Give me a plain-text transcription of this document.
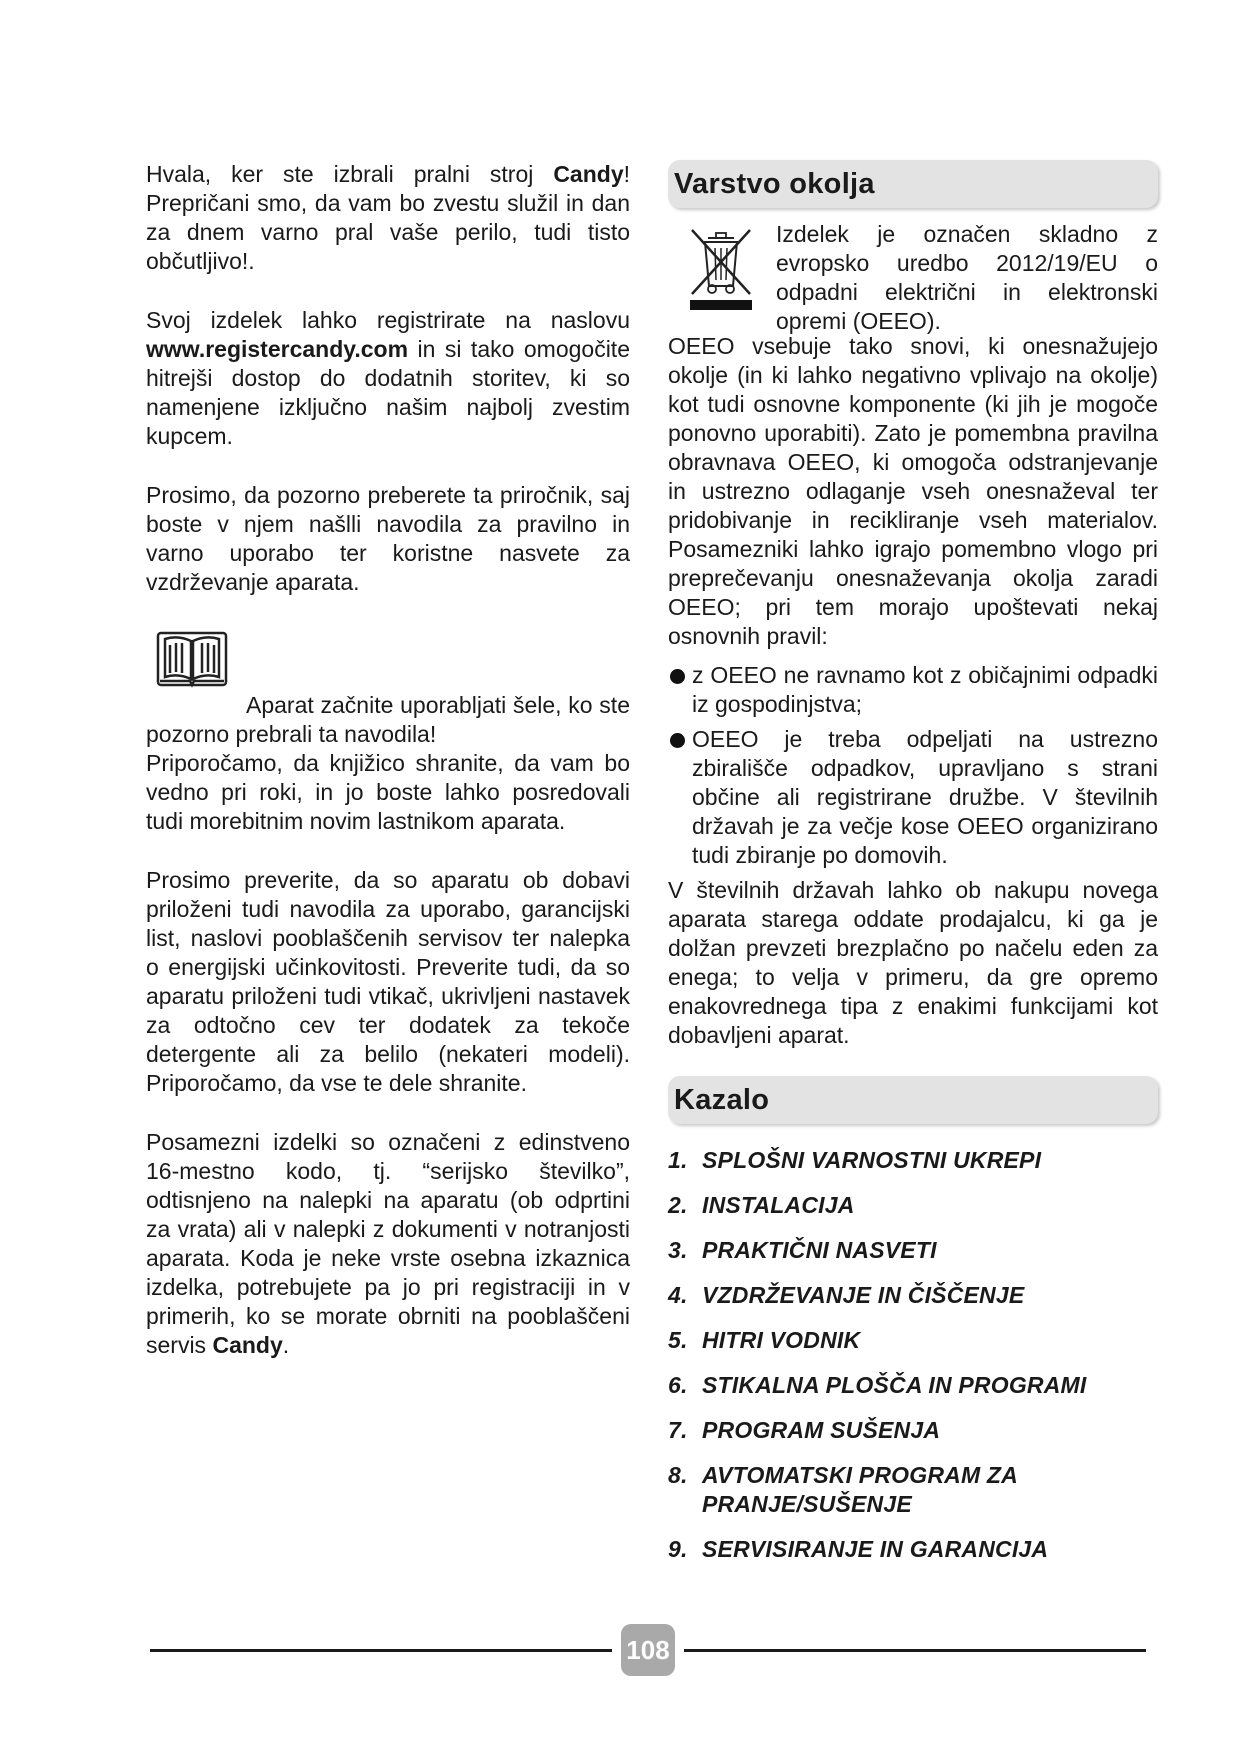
Hvala, ker ste izbrali pralni stroj Candy! Prepričani smo, da vam bo zvestu služil in dan za dnem varno pral vaše perilo, tudi tisto občutljivo!.

Svoj izdelek lahko registrirate na naslovu www.registercandy.com in si tako omogočite hitrejši dostop do dodatnih storitev, ki so namenjene izključno našim najbolj zvestim kupcem.

Prosimo, da pozorno preberete ta priročnik, saj boste v njem našlli navodila za pravilno in varno uporabo ter koristne nasvete za vzdrževanje aparata.

Aparat začnite uporabljati šele, ko ste pozorno prebrali ta navodila!

Priporočamo, da knjižico shranite, da vam bo vedno pri roki, in jo boste lahko posredovali tudi morebitnim novim lastnikom aparata.

Prosimo preverite, da so aparatu ob dobavi priloženi tudi navodila za uporabo, garancijski list, naslovi pooblaščenih servisov ter nalepka o energijski učinkovitosti. Preverite tudi, da so aparatu priloženi tudi vtikač, ukrivljeni nastavek za odtočno cev ter dodatek za tekoče detergente ali za belilo (nekateri modeli). Priporočamo, da vse te dele shranite.

Posamezni izdelki so označeni z edinstveno 16-mestno kodo, tj. “serijsko številko”, odtisnjeno na nalepki na aparatu (ob odprtini za vrata) ali v nalepki z dokumenti v notranjosti aparata. Koda je neke vrste osebna izkaznica izdelka, potrebujete pa jo pri registraciji in v primerih, ko se morate obrniti na pooblaščeni servis Candy.

Varstvo okolja

Izdelek je označen skladno z evropsko uredbo 2012/19/EU o odpadni električni in elektronski opremi (OEEO).

OEEO vsebuje tako snovi, ki onesnažujejo okolje (in ki lahko negativno vplivajo na okolje) kot tudi osnovne komponente (ki jih je mogoče ponovno uporabiti). Zato je pomembna pravilna obravnava OEEO, ki omogoča odstranjevanje in ustrezno odlaganje vseh onesnaževal ter pridobivanje in recikliranje vseh materialov. Posamezniki lahko igrajo pomembno vlogo pri preprečevanju onesnaževanja okolja zaradi OEEO; pri tem morajo upoštevati nekaj osnovnih pravil:

z OEEO ne ravnamo kot z običajnimi odpadki iz gospodinjstva;
OEEO je treba odpeljati na ustrezno zbirališče odpadkov, upravljano s strani občine ali registrirane družbe. V številnih državah je za večje kose OEEO organizirano tudi zbiranje po domovih.

V številnih državah lahko ob nakupu novega aparata starega oddate prodajalcu, ki ga je dolžan prevzeti brezplačno po načelu eden za enega; to velja v primeru, da gre opremo enakovrednega tipa z enakimi funkcijami kot dobavljeni aparat.

Kazalo
1. SPLOŠNI VARNOSTNI UKREPI
2. INSTALACIJA
3. PRAKTIČNI NASVETI
4. VZDRŽEVANJE IN ČIŠČENJE
5. HITRI VODNIK
6. STIKALNA PLOŠČA IN PROGRAMI
7. PROGRAM SUŠENJA
8. AVTOMATSKI PROGRAM ZA PRANJE/SUŠENJE
9. SERVISIRANJE IN GARANCIJA
108
